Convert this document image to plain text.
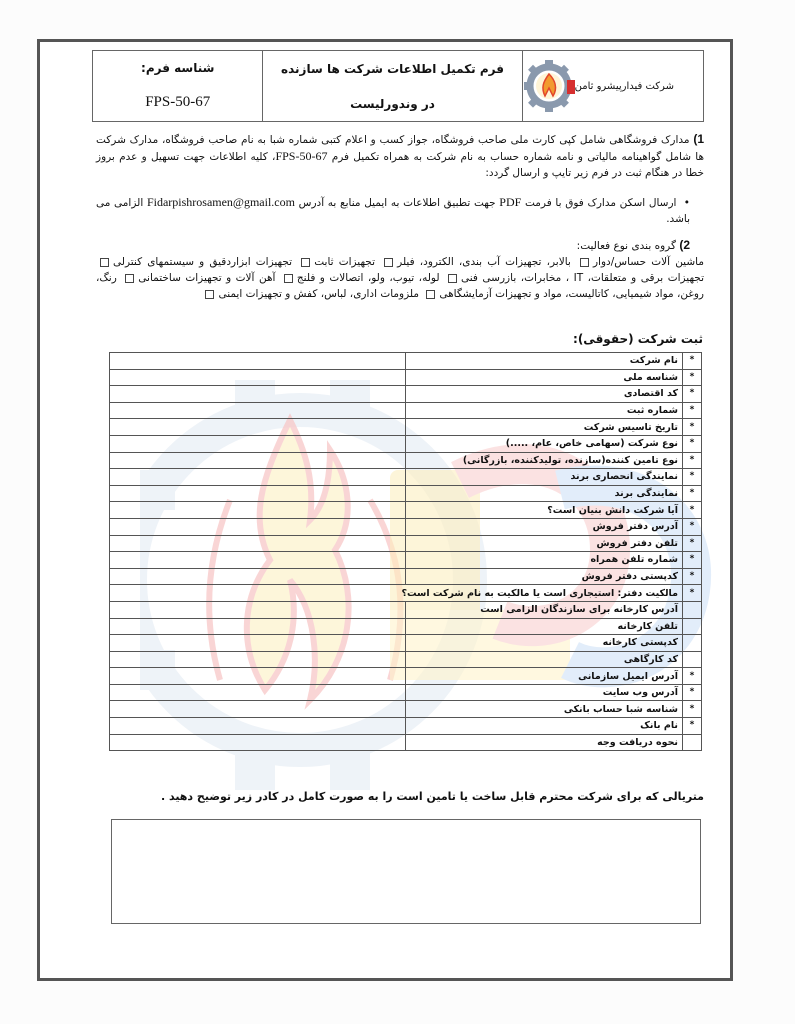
شرکت فیدارپیشرو ثامن
فرم تکمیل اطلاعات شرکت ها سازنده
در وندورلیست
شناسه فرم:
FPS-50-67
1) مدارک فروشگاهی شامل کپی کارت ملی صاحب فروشگاه، جواز کسب و اعلام کتبی شماره شبا به نام صاحب فروشگاه، مدارک شرکت ها شامل گواهینامه مالیاتی و نامه شماره حساب به نام شرکت به همراه تکمیل فرم FPS-50-67، کلیه اطلاعات جهت تسهیل و عدم بروز خطا در هنگام ثبت در فرم زیر تایپ و ارسال گردد:
•  ارسال اسکن مدارک فوق با فرمت PDF جهت تطبیق اطلاعات به ایمیل منابع به آدرس Fidarpishrosamen@gmail.com الزامی می باشد.
2) گروه بندی نوع فعالیت:
ماشین آلات حساس/دوار بالابر، تجهیزات آب بندی، الکترود، فیلر تجهیزات ثابت تجهیزات ابزاردقیق و سیستمهای کنترلی تجهیزات برقی و متعلقات، IT ، مخابرات، بازرسی فنی لوله، تیوب، ولو، اتصالات و فلنج آهن آلات و تجهیزات ساختمانی رنگ، روغن، مواد شیمیایی، کاتالیست، مواد و تجهیزات آزمایشگاهی ملزومات اداری، لباس، کفش و تجهیزات ایمنی
ثبت شرکت (حقوقی):
*	نام شرکت	
*	شناسه ملی	
*	کد اقتصادی	
*	شماره ثبت	
*	تاریخ تاسیس شرکت	
*	نوع شرکت (سهامی خاص، عام، .....)	
*	نوع تامین کننده(سازنده، تولیدکننده، بازرگانی)	
*	نمایندگی انحصاری برند	
*	نمایندگی برند	
*	آیا شرکت دانش بنیان است؟	
*	آدرس دفتر فروش	
*	تلفن دفتر فروش	
*	شماره تلفن همراه	
*	کدپستی دفتر فروش	
*	مالکیت دفتر: استیجاری است یا مالکیت به نام شرکت است؟	
	آدرس کارخانه برای سازندگان الزامی است	
	تلفن کارخانه	
	کدپستی کارخانه	
	کد کارگاهی	
*	آدرس ایمیل سازمانی	
*	آدرس وب سایت	
*	شناسه شبا حساب بانکی	
*	نام بانک	
	نحوه دریافت وجه	
متریالی که برای شرکت محترم قابل ساخت یا تامین است را به صورت کامل در کادر زیر توضیح دهید .
